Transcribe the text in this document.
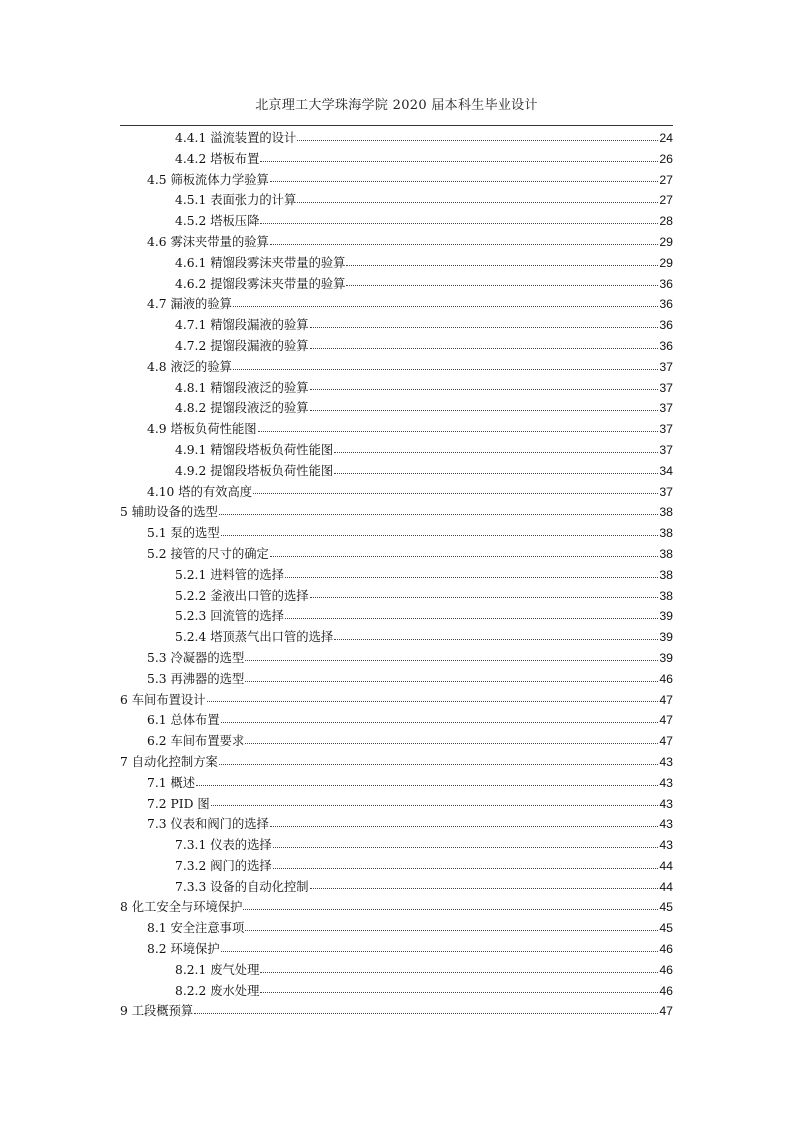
北京理工大学珠海学院 2020 届本科生毕业设计
4.4.1 溢流装置的设计	24
4.4.2 塔板布置	26
4.5 筛板流体力学验算	27
4.5.1 表面张力的计算	27
4.5.2 塔板压降	28
4.6 雾沫夹带量的验算	29
4.6.1 精馏段雾沫夹带量的验算	29
4.6.2 提馏段雾沫夹带量的验算	36
4.7 漏液的验算	36
4.7.1 精馏段漏液的验算	36
4.7.2 提馏段漏液的验算	36
4.8 液泛的验算	37
4.8.1 精馏段液泛的验算	37
4.8.2 提馏段液泛的验算	37
4.9 塔板负荷性能图	37
4.9.1 精馏段塔板负荷性能图	37
4.9.2 提馏段塔板负荷性能图	34
4.10 塔的有效高度	37
5 辅助设备的选型	38
5.1 泵的选型	38
5.2 接管的尺寸的确定	38
5.2.1 进料管的选择	38
5.2.2 釜液出口管的选择	38
5.2.3 回流管的选择	39
5.2.4 塔顶蒸气出口管的选择	39
5.3 冷凝器的选型	39
5.3 再沸器的选型	46
6 车间布置设计	47
6.1 总体布置	47
6.2 车间布置要求	47
7 自动化控制方案	43
7.1 概述	43
7.2 PID 图	43
7.3 仪表和阀门的选择	43
7.3.1 仪表的选择	43
7.3.2 阀门的选择	44
7.3.3 设备的自动化控制	44
8 化工安全与环境保护	45
8.1 安全注意事项	45
8.2 环境保护	46
8.2.1 废气处理	46
8.2.2 废水处理	46
9 工段概预算	47
